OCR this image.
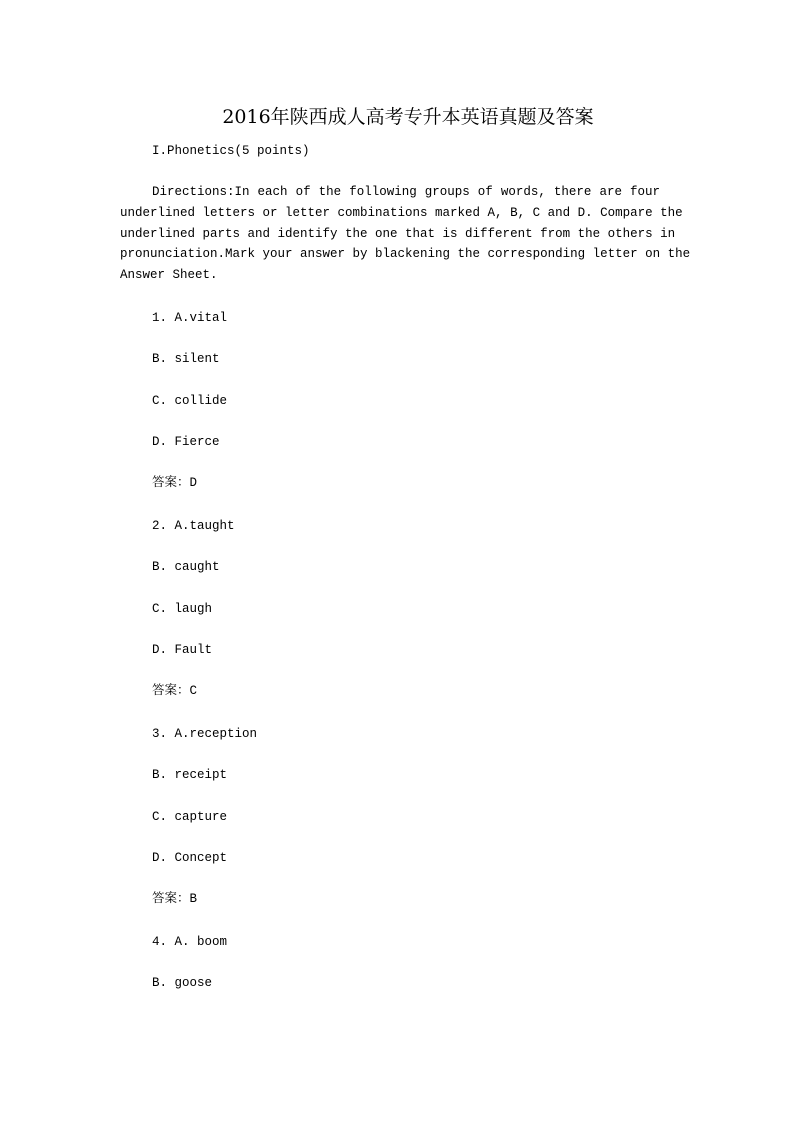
2016年陕西成人高考专升本英语真题及答案

I.Phonetics(5 points)

Directions:In each of the following groups of words, there are four
underlined letters or letter combinations marked A, B, C and D. Compare the
underlined parts and identify the one that is different from the others in
pronunciation.Mark your answer by blackening the corresponding letter on the
Answer Sheet.

1. A.vital

B. silent

C. collide

D. Fierce

答案：D

2. A.taught

B. caught

C. laugh

D. Fault

答案：C

3. A.reception

B. receipt

C. capture

D. Concept

答案：B

4. A. boom

B. goose
